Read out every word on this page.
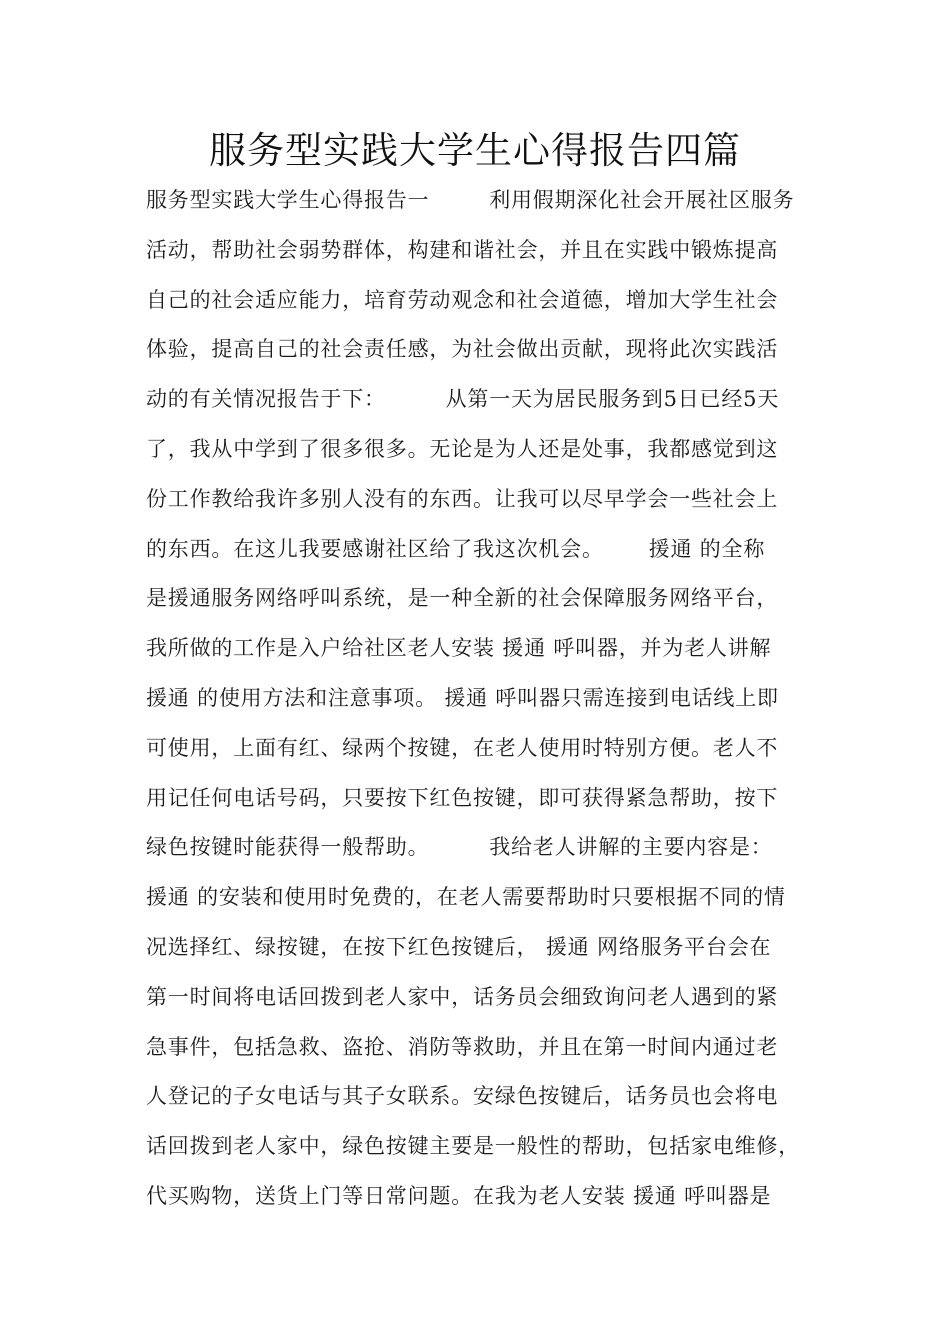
服务型实践大学生心得报告四篇
服务型实践大学生心得报告一        利用假期深化社会开展社区服务
活动，帮助社会弱势群体，构建和谐社会，并且在实践中锻炼提高
自己的社会适应能力，培育劳动观念和社会道德，增加大学生社会
体验，提高自己的社会责任感，为社会做出贡献，现将此次实践活
动的有关情况报告于下：        从第一天为居民服务到5日已经5天
了，我从中学到了很多很多。无论是为人还是处事，我都感觉到这
份工作教给我许多别人没有的东西。让我可以尽早学会一些社会上
的东西。在这儿我要感谢社区给了我这次机会。      援通 的全称
是援通服务网络呼叫系统，是一种全新的社会保障服务网络平台，
我所做的工作是入户给社区老人安装 援通 呼叫器，并为老人讲解
援通 的使用方法和注意事项。 援通 呼叫器只需连接到电话线上即
可使用，上面有红、绿两个按键，在老人使用时特别方便。老人不
用记任何电话号码，只要按下红色按键，即可获得紧急帮助，按下
绿色按键时能获得一般帮助。        我给老人讲解的主要内容是：
援通 的安装和使用时免费的，在老人需要帮助时只要根据不同的情
况选择红、绿按键，在按下红色按键后， 援通 网络服务平台会在
第一时间将电话回拨到老人家中，话务员会细致询问老人遇到的紧
急事件，包括急救、盗抢、消防等救助，并且在第一时间内通过老
人登记的子女电话与其子女联系。安绿色按键后，话务员也会将电
话回拨到老人家中，绿色按键主要是一般性的帮助，包括家电维修，
代买购物，送货上门等日常问题。在我为老人安装 援通 呼叫器是
